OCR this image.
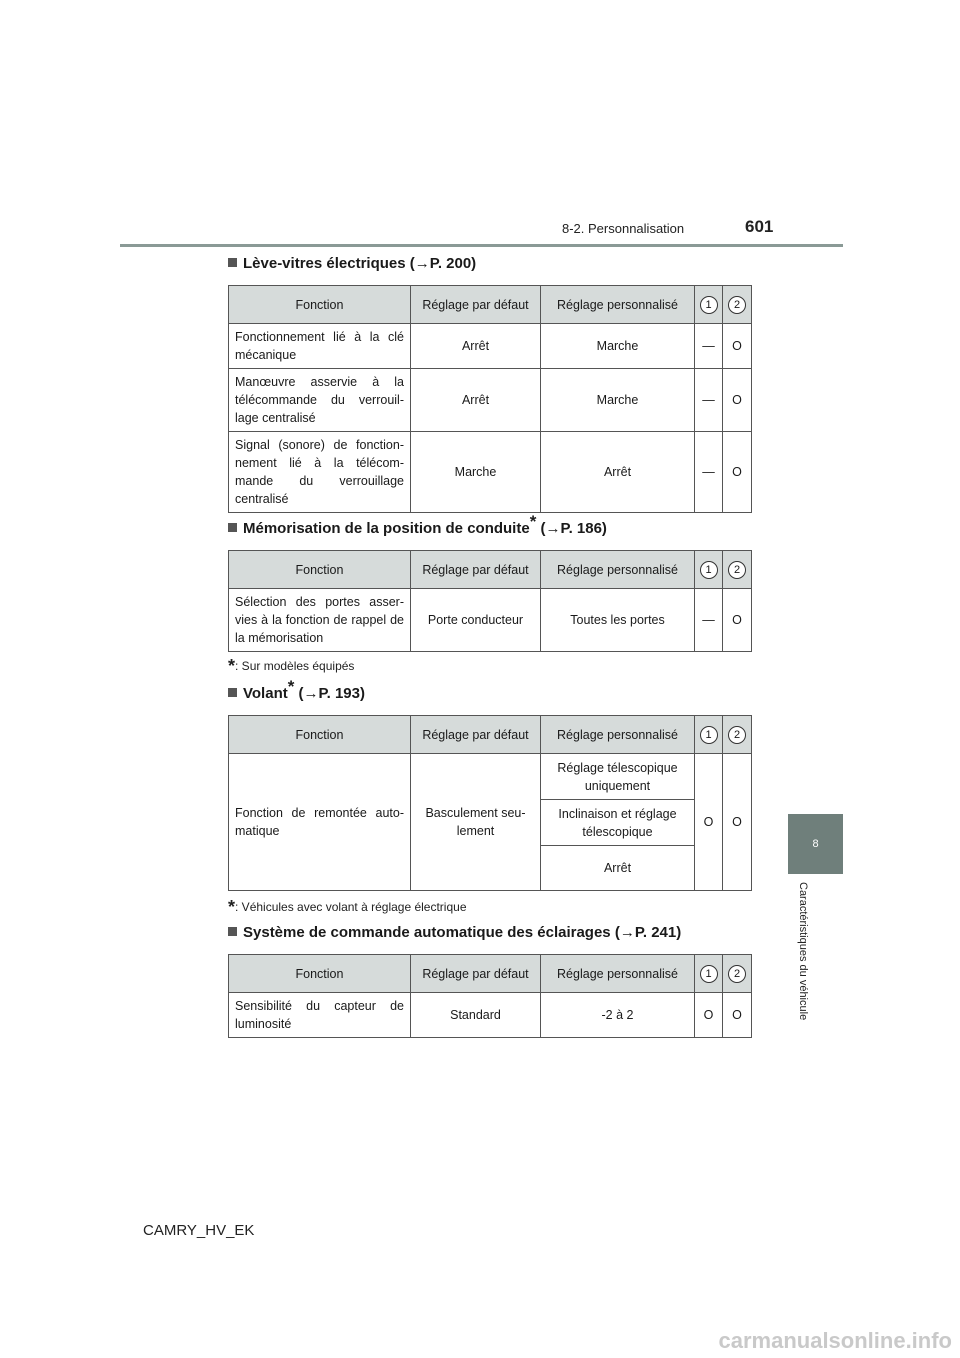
8-2. Personnalisation	601
8
Caractéristiques du véhicule
Lève-vitres électriques (→P. 200)
Fonction	Réglage par défaut	Réglage personnalisé	1	2
Fonctionnement lié à la clé mécanique	Arrêt	Marche	—	O
Manœuvre asservie à la télécommande du verrouil-lage centralisé	Arrêt	Marche	—	O
Signal (sonore) de fonction-nement lié à la télécom-mande du verrouillage centralisé	Marche	Arrêt	—	O
Mémorisation de la position de conduite* (→P. 186)
Fonction	Réglage par défaut	Réglage personnalisé	1	2
Sélection des portes asser-vies à la fonction de rappel de la mémorisation	Porte conducteur	Toutes les portes	—	O
*: Sur modèles équipés
Volant* (→P. 193)
Fonction	Réglage par défaut	Réglage personnalisé	1	2
Fonction de remontée auto-matique	Basculement seu-lement	Réglage télescopique uniquement	O	O
		Inclinaison et réglage télescopique		
		Arrêt		
*: Véhicules avec volant à réglage électrique
Système de commande automatique des éclairages (→P. 241)
Fonction	Réglage par défaut	Réglage personnalisé	1	2
Sensibilité du capteur de luminosité	Standard	-2 à 2	O	O
CAMRY_HV_EK
carmanualsonline.info
